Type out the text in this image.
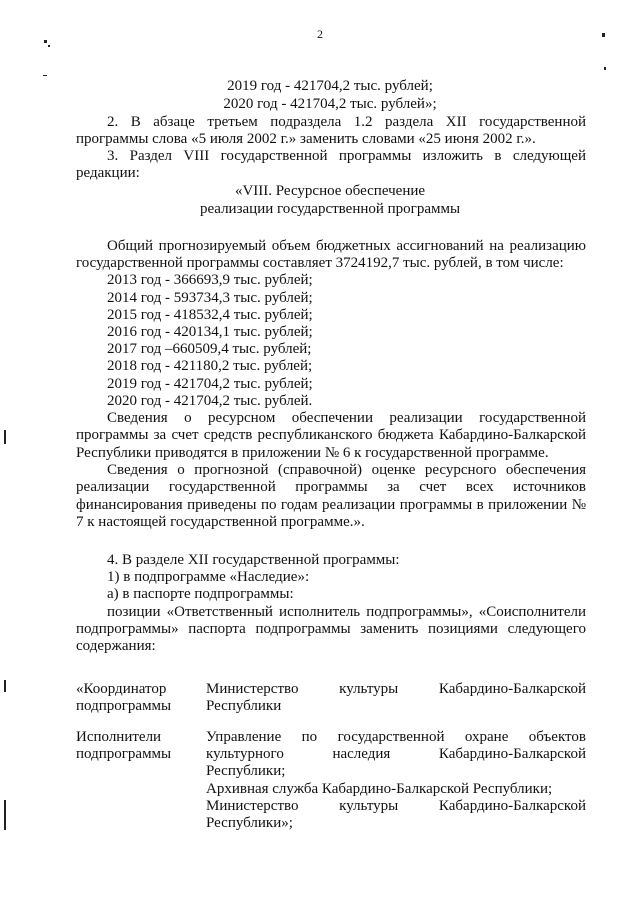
2
2019 год - 421704,2 тыс. рублей;
2020 год - 421704,2 тыс. рублей»;
2. В абзаце третьем подраздела 1.2 раздела XII государственной
программы слова «5 июля 2002 г.» заменить словами «25 июня 2002 г.».
3. Раздел VIII государственной программы изложить в следующей
редакции:
«VIII. Ресурсное обеспечение
реализации государственной программы
Общий прогнозируемый объем бюджетных ассигнований на реализацию
государственной программы составляет 3724192,7 тыс. рублей, в том числе:
2013 год - 366693,9 тыс. рублей;
2014 год - 593734,3 тыс. рублей;
2015 год - 418532,4 тыс. рублей;
2016 год - 420134,1 тыс. рублей;
2017 год –660509,4 тыс. рублей;
2018 год - 421180,2 тыс. рублей;
2019 год - 421704,2 тыс. рублей;
2020 год - 421704,2 тыс. рублей.
Сведения о ресурсном обеспечении реализации государственной
программы за счет средств республиканского бюджета Кабардино-Балкарской
Республики приводятся в приложении № 6 к государственной программе.
Сведения о прогнозной (справочной) оценке ресурсного обеспечения
реализации государственной программы за счет всех источников
финансирования приведены по годам реализации программы в приложении №
7 к настоящей государственной программе.».
4. В разделе XII государственной программы:
1) в подпрограмме «Наследие»:
а) в паспорте подпрограммы:
позиции «Ответственный исполнитель подпрограммы», «Соисполнители
подпрограммы» паспорта подпрограммы заменить позициями следующего
содержания:
«Координатор
подпрограммы
Министерство культуры Кабардино-Балкарской
Республики
Исполнители
подпрограммы
Управление по государственной охране объектов
культурного наследия Кабардино-Балкарской
Республики;
Архивная служба Кабардино-Балкарской Республики;
Министерство культуры Кабардино-Балкарской
Республики»;
